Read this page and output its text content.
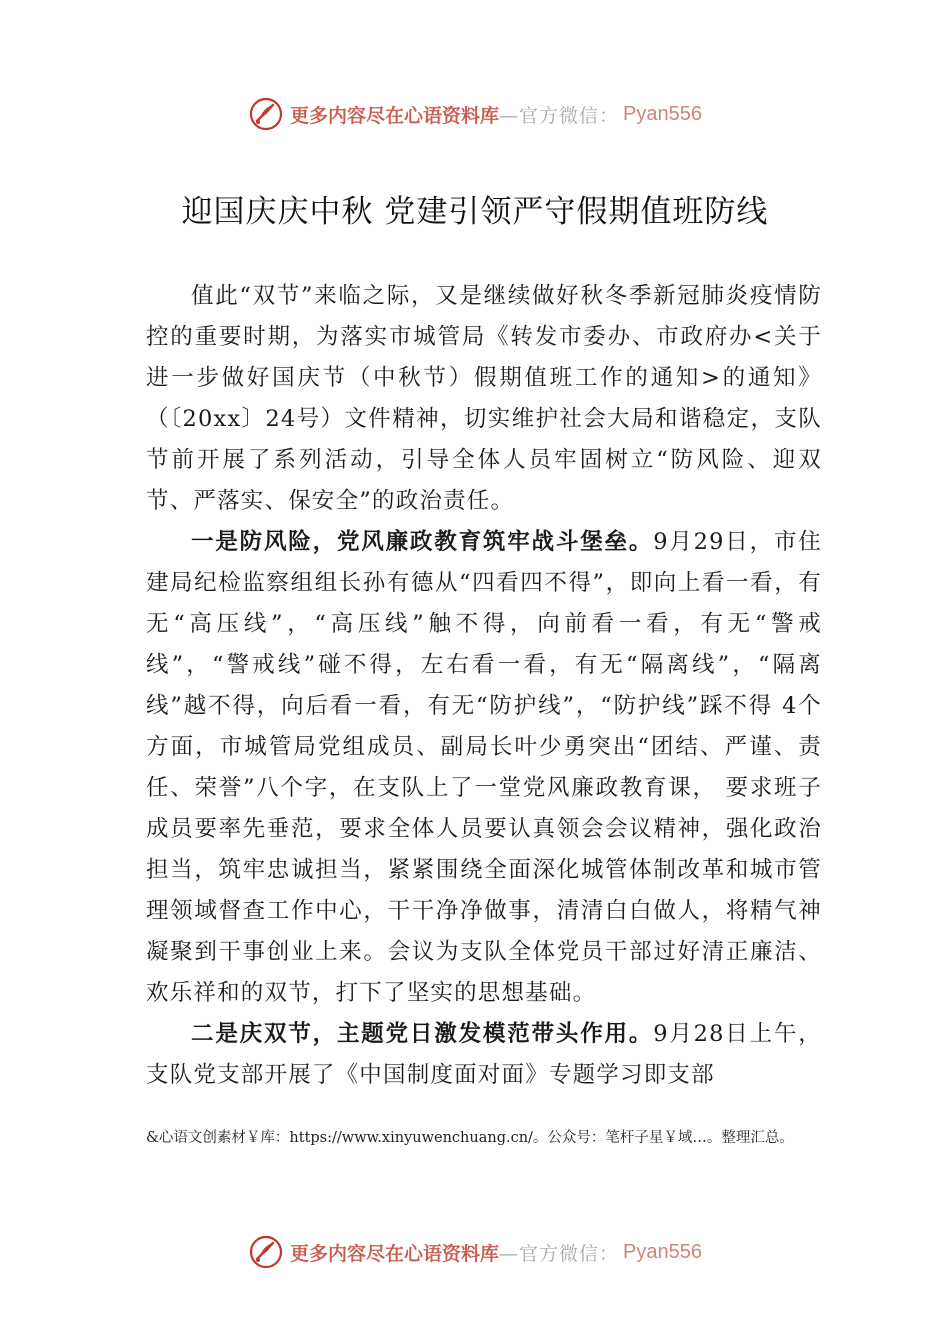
更多内容尽在心语资料库 —官方微信： Pyan556
迎国庆庆中秋 党建引领严守假期值班防线

值此“双节”来临之际，又是继续做好秋冬季新冠肺炎疫情防控的重要时期，为落实市城管局《转发市委办、市政府办<关于进一步做好国庆节（中秋节）假期值班工作的通知>的通知》（〔20xx〕24号）文件精神，切实维护社会大局和谐稳定，支队节前开展了系列活动，引导全体人员牢固树立“防风险、迎双节、严落实、保安全”的政治责任。

一是防风险，党风廉政教育筑牢战斗堡垒。9月29日，市住建局纪检监察组组长孙有德从“四看四不得”，即向上看一看，有无“高压线”，“高压线”触不得，向前看一看，有无“警戒线”，“警戒线”碰不得，左右看一看，有无“隔离线”，“隔离线”越不得，向后看一看，有无“防护线”，“防护线”踩不得 4个方面，市城管局党组成员、副局长叶少勇突出“团结、严谨、责任、荣誉”八个字，在支队上了一堂党风廉政教育课， 要求班子成员要率先垂范，要求全体人员要认真领会会议精神，强化政治担当，筑牢忠诚担当，紧紧围绕全面深化城管体制改革和城市管理领域督查工作中心，干干净净做事，清清白白做人，将精气神凝聚到干事创业上来。会议为支队全体党员干部过好清正廉洁、欢乐祥和的双节，打下了坚实的思想基础。

二是庆双节，主题党日激发模范带头作用。9月28日上午，支队党支部开展了《中国制度面对面》专题学习即支部

&心语文创素材￥库：https://www.xinyuwenchuang.cn/。公众号：笔杆子星￥域…。整理汇总。
更多内容尽在心语资料库 —官方微信： Pyan556
